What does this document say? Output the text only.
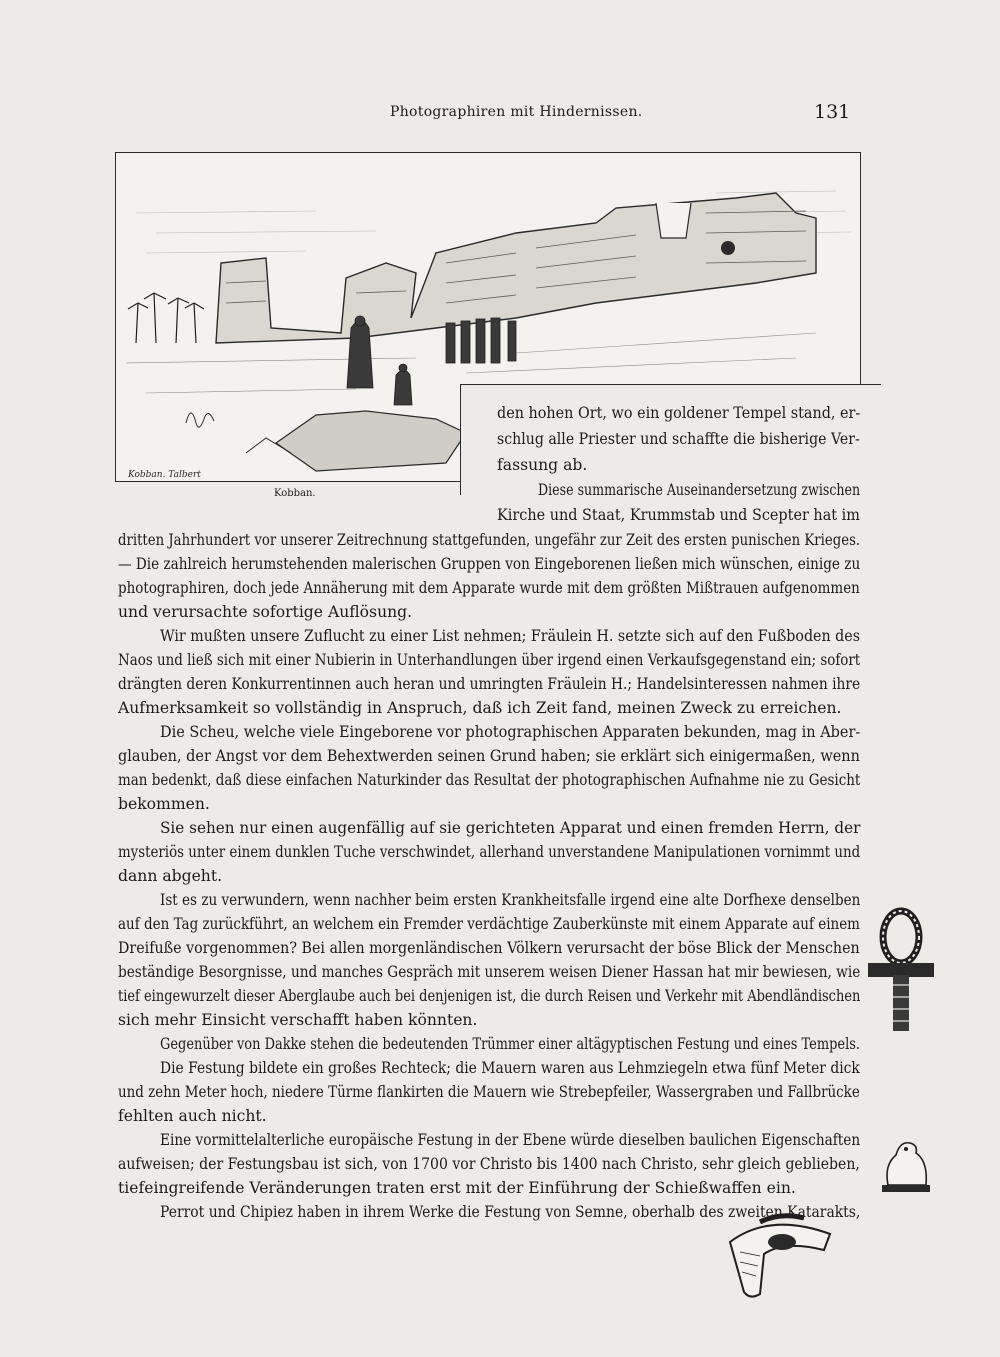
Photographiren mit Hindernissen.	131
Kobban. Talbert
Kobban.
den hohen Ort, wo ein goldener Tempel stand, er-
schlug alle Priester und schaffte die bisherige Ver-
fassung ab.
Diese summarische Auseinandersetzung zwischen
Kirche und Staat, Krummstab und Scepter hat im
dritten Jahrhundert vor unserer Zeitrechnung stattgefunden, ungefähr zur Zeit des ersten punischen Krieges.
— Die zahlreich herumstehenden malerischen Gruppen von Eingeborenen ließen mich wünschen, einige zu
photographiren, doch jede Annäherung mit dem Apparate wurde mit dem größten Mißtrauen aufgenommen
und verursachte sofortige Auflösung.
Wir mußten unsere Zuflucht zu einer List nehmen; Fräulein H. setzte sich auf den Fußboden des
Naos und ließ sich mit einer Nubierin in Unterhandlungen über irgend einen Verkaufsgegenstand ein; sofort
drängten deren Konkurrentinnen auch heran und umringten Fräulein H.; Handelsinteressen nahmen ihre
Aufmerksamkeit so vollständig in Anspruch, daß ich Zeit fand, meinen Zweck zu erreichen.
Die Scheu, welche viele Eingeborene vor photographischen Apparaten bekunden, mag in Aber-
glauben, der Angst vor dem Behextwerden seinen Grund haben; sie erklärt sich einigermaßen, wenn
man bedenkt, daß diese einfachen Naturkinder das Resultat der photographischen Aufnahme nie zu Gesicht
bekommen.
Sie sehen nur einen augenfällig auf sie gerichteten Apparat und einen fremden Herrn, der
mysteriös unter einem dunklen Tuche verschwindet, allerhand unverstandene Manipulationen vornimmt und
dann abgeht.
Ist es zu verwundern, wenn nachher beim ersten Krankheitsfalle irgend eine alte Dorfhexe denselben
auf den Tag zurückführt, an welchem ein Fremder verdächtige Zauberkünste mit einem Apparate auf einem
Dreifuße vorgenommen? Bei allen morgenländischen Völkern verursacht der böse Blick der Menschen
beständige Besorgnisse, und manches Gespräch mit unserem weisen Diener Hassan hat mir bewiesen, wie
tief eingewurzelt dieser Aberglaube auch bei denjenigen ist, die durch Reisen und Verkehr mit Abendländischen
sich mehr Einsicht verschafft haben könnten.
Gegenüber von Dakke stehen die bedeutenden Trümmer einer altägyptischen Festung und eines Tempels.
Die Festung bildete ein großes Rechteck; die Mauern waren aus Lehmziegeln etwa fünf Meter dick
und zehn Meter hoch, niedere Türme flankirten die Mauern wie Strebepfeiler, Wassergraben und Fallbrücke
fehlten auch nicht.
Eine vormittelalterliche europäische Festung in der Ebene würde dieselben baulichen Eigenschaften
aufweisen; der Festungsbau ist sich, von 1700 vor Christo bis 1400 nach Christo, sehr gleich geblieben,
tiefeingreifende Veränderungen traten erst mit der Einführung der Schießwaffen ein.
Perrot und Chipiez haben in ihrem Werke die Festung von Semne, oberhalb des zweiten Katarakts,
